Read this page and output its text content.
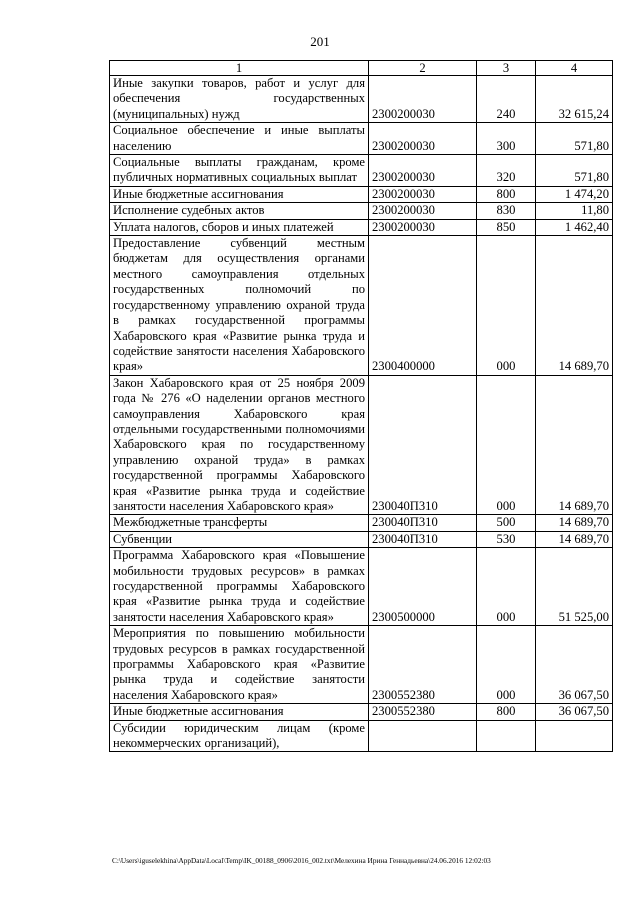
201
1	2	3	4
Иные закупки товаров, работ и услуг для обеспечения государственных (муниципальных) нужд	2300200030	240	32 615,24
Социальное обеспечение и иные выплаты населению	2300200030	300	571,80
Социальные выплаты гражданам, кроме публичных нормативных социальных выплат	2300200030	320	571,80
Иные бюджетные ассигнования	2300200030	800	1 474,20
Исполнение судебных актов	2300200030	830	11,80
Уплата налогов, сборов и иных платежей	2300200030	850	1 462,40
Предоставление субвенций местным бюджетам для осуществления органами местного самоуправления отдельных государственных полномочий по государственному управлению охраной труда в рамках государственной программы Хабаровского края «Развитие рынка труда и содействие занятости населения Хабаровского края»	2300400000	000	14 689,70
Закон Хабаровского края от 25 ноября 2009 года № 276 «О наделении органов местного самоуправления Хабаровского края отдельными государственными полномочиями Хабаровского края по государственному управлению охраной труда» в рамках государственной программы Хабаровского края «Развитие рынка труда и содействие занятости населения Хабаровского края»	230040П310	000	14 689,70
Межбюджетные трансферты	230040П310	500	14 689,70
Субвенции	230040П310	530	14 689,70
Программа Хабаровского края «Повышение мобильности трудовых ресурсов» в рамках государственной программы Хабаровского края «Развитие рынка труда и содействие занятости населения Хабаровского края»	2300500000	000	51 525,00
Мероприятия по повышению мобильности трудовых ресурсов в рамках государственной программы Хабаровского края «Развитие рынка труда и содействие занятости населения Хабаровского края»	2300552380	000	36 067,50
Иные бюджетные ассигнования	2300552380	800	36 067,50
Субсидии юридическим лицам (кроме некоммерческих организаций),			
C:\Users\iguselekhina\AppData\Local\Temp\IK_00188_0906\2016_002.txt\Мелехина Ирина Геннадьевна\24.06.2016 12:02:03
